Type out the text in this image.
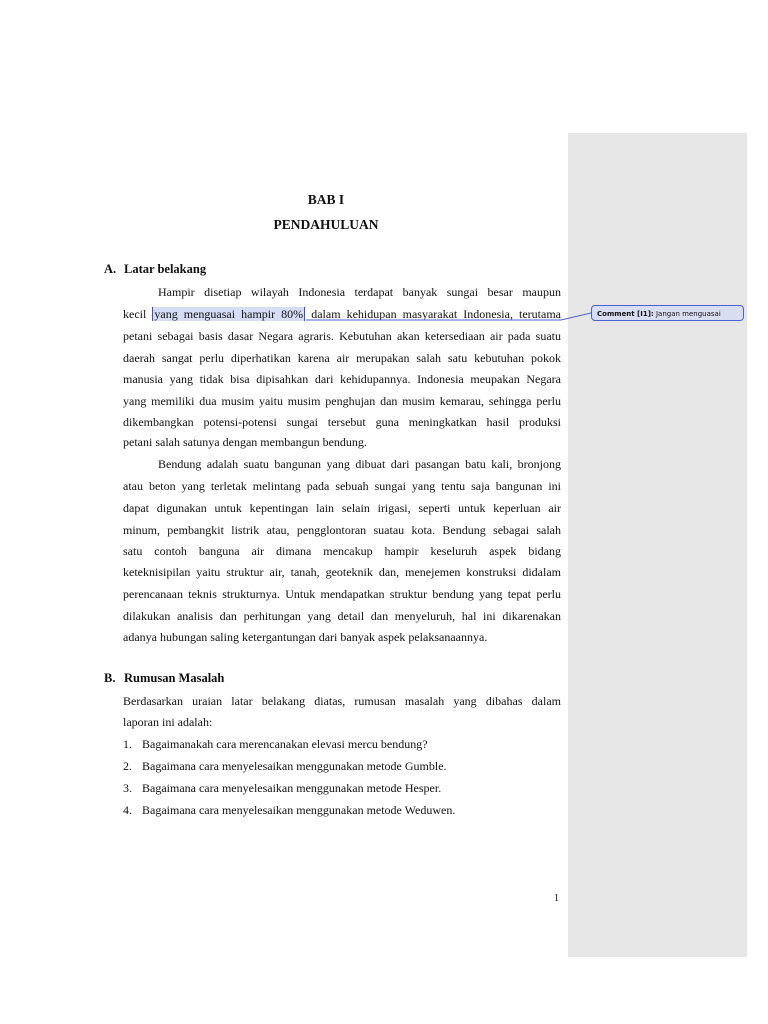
BAB I
PENDAHULUAN
A. Latar belakang
Hampir disetiap wilayah Indonesia terdapat banyak sungai besar maupun
kecil yang menguasai hampir 80% dalam kehidupan masyarakat Indonesia, terutama
petani sebagai basis dasar Negara agraris. Kebutuhan akan ketersediaan air pada suatu
daerah sangat perlu diperhatikan karena air merupakan salah satu kebutuhan pokok
manusia yang tidak bisa dipisahkan dari kehidupannya. Indonesia meupakan Negara
yang memiliki dua musim yaitu musim penghujan dan musim kemarau, sehingga perlu
dikembangkan potensi-potensi sungai tersebut guna meningkatkan hasil produksi
petani salah satunya dengan membangun bendung.
Bendung adalah suatu bangunan yang dibuat dari pasangan batu kali, bronjong
atau beton yang terletak melintang pada sebuah sungai yang tentu saja bangunan ini
dapat digunakan untuk kepentingan lain selain irigasi, seperti untuk keperluan air
minum, pembangkit listrik atau, pengglontoran suatau kota. Bendung sebagai salah
satu contoh banguna air dimana mencakup hampir keseluruh aspek bidang
keteknisipilan yaitu struktur air, tanah, geoteknik dan, menejemen konstruksi didalam
perencanaan teknis strukturnya. Untuk mendapatkan struktur bendung yang tepat perlu
dilakukan analisis dan perhitungan yang detail dan menyeluruh, hal ini dikarenakan
adanya hubungan saling ketergantungan dari banyak aspek pelaksanaannya.
B. Rumusan Masalah
Berdasarkan uraian latar belakang diatas, rumusan masalah yang dibahas dalam
laporan ini adalah:
1. Bagaimanakah cara merencanakan elevasi mercu bendung?
2. Bagaimana cara menyelesaikan menggunakan metode Gumble.
3. Bagaimana cara menyelesaikan menggunakan metode Hesper.
4. Bagaimana cara menyelesaikan menggunakan metode Weduwen.
1
Comment [I1]: Jangan menguasai
